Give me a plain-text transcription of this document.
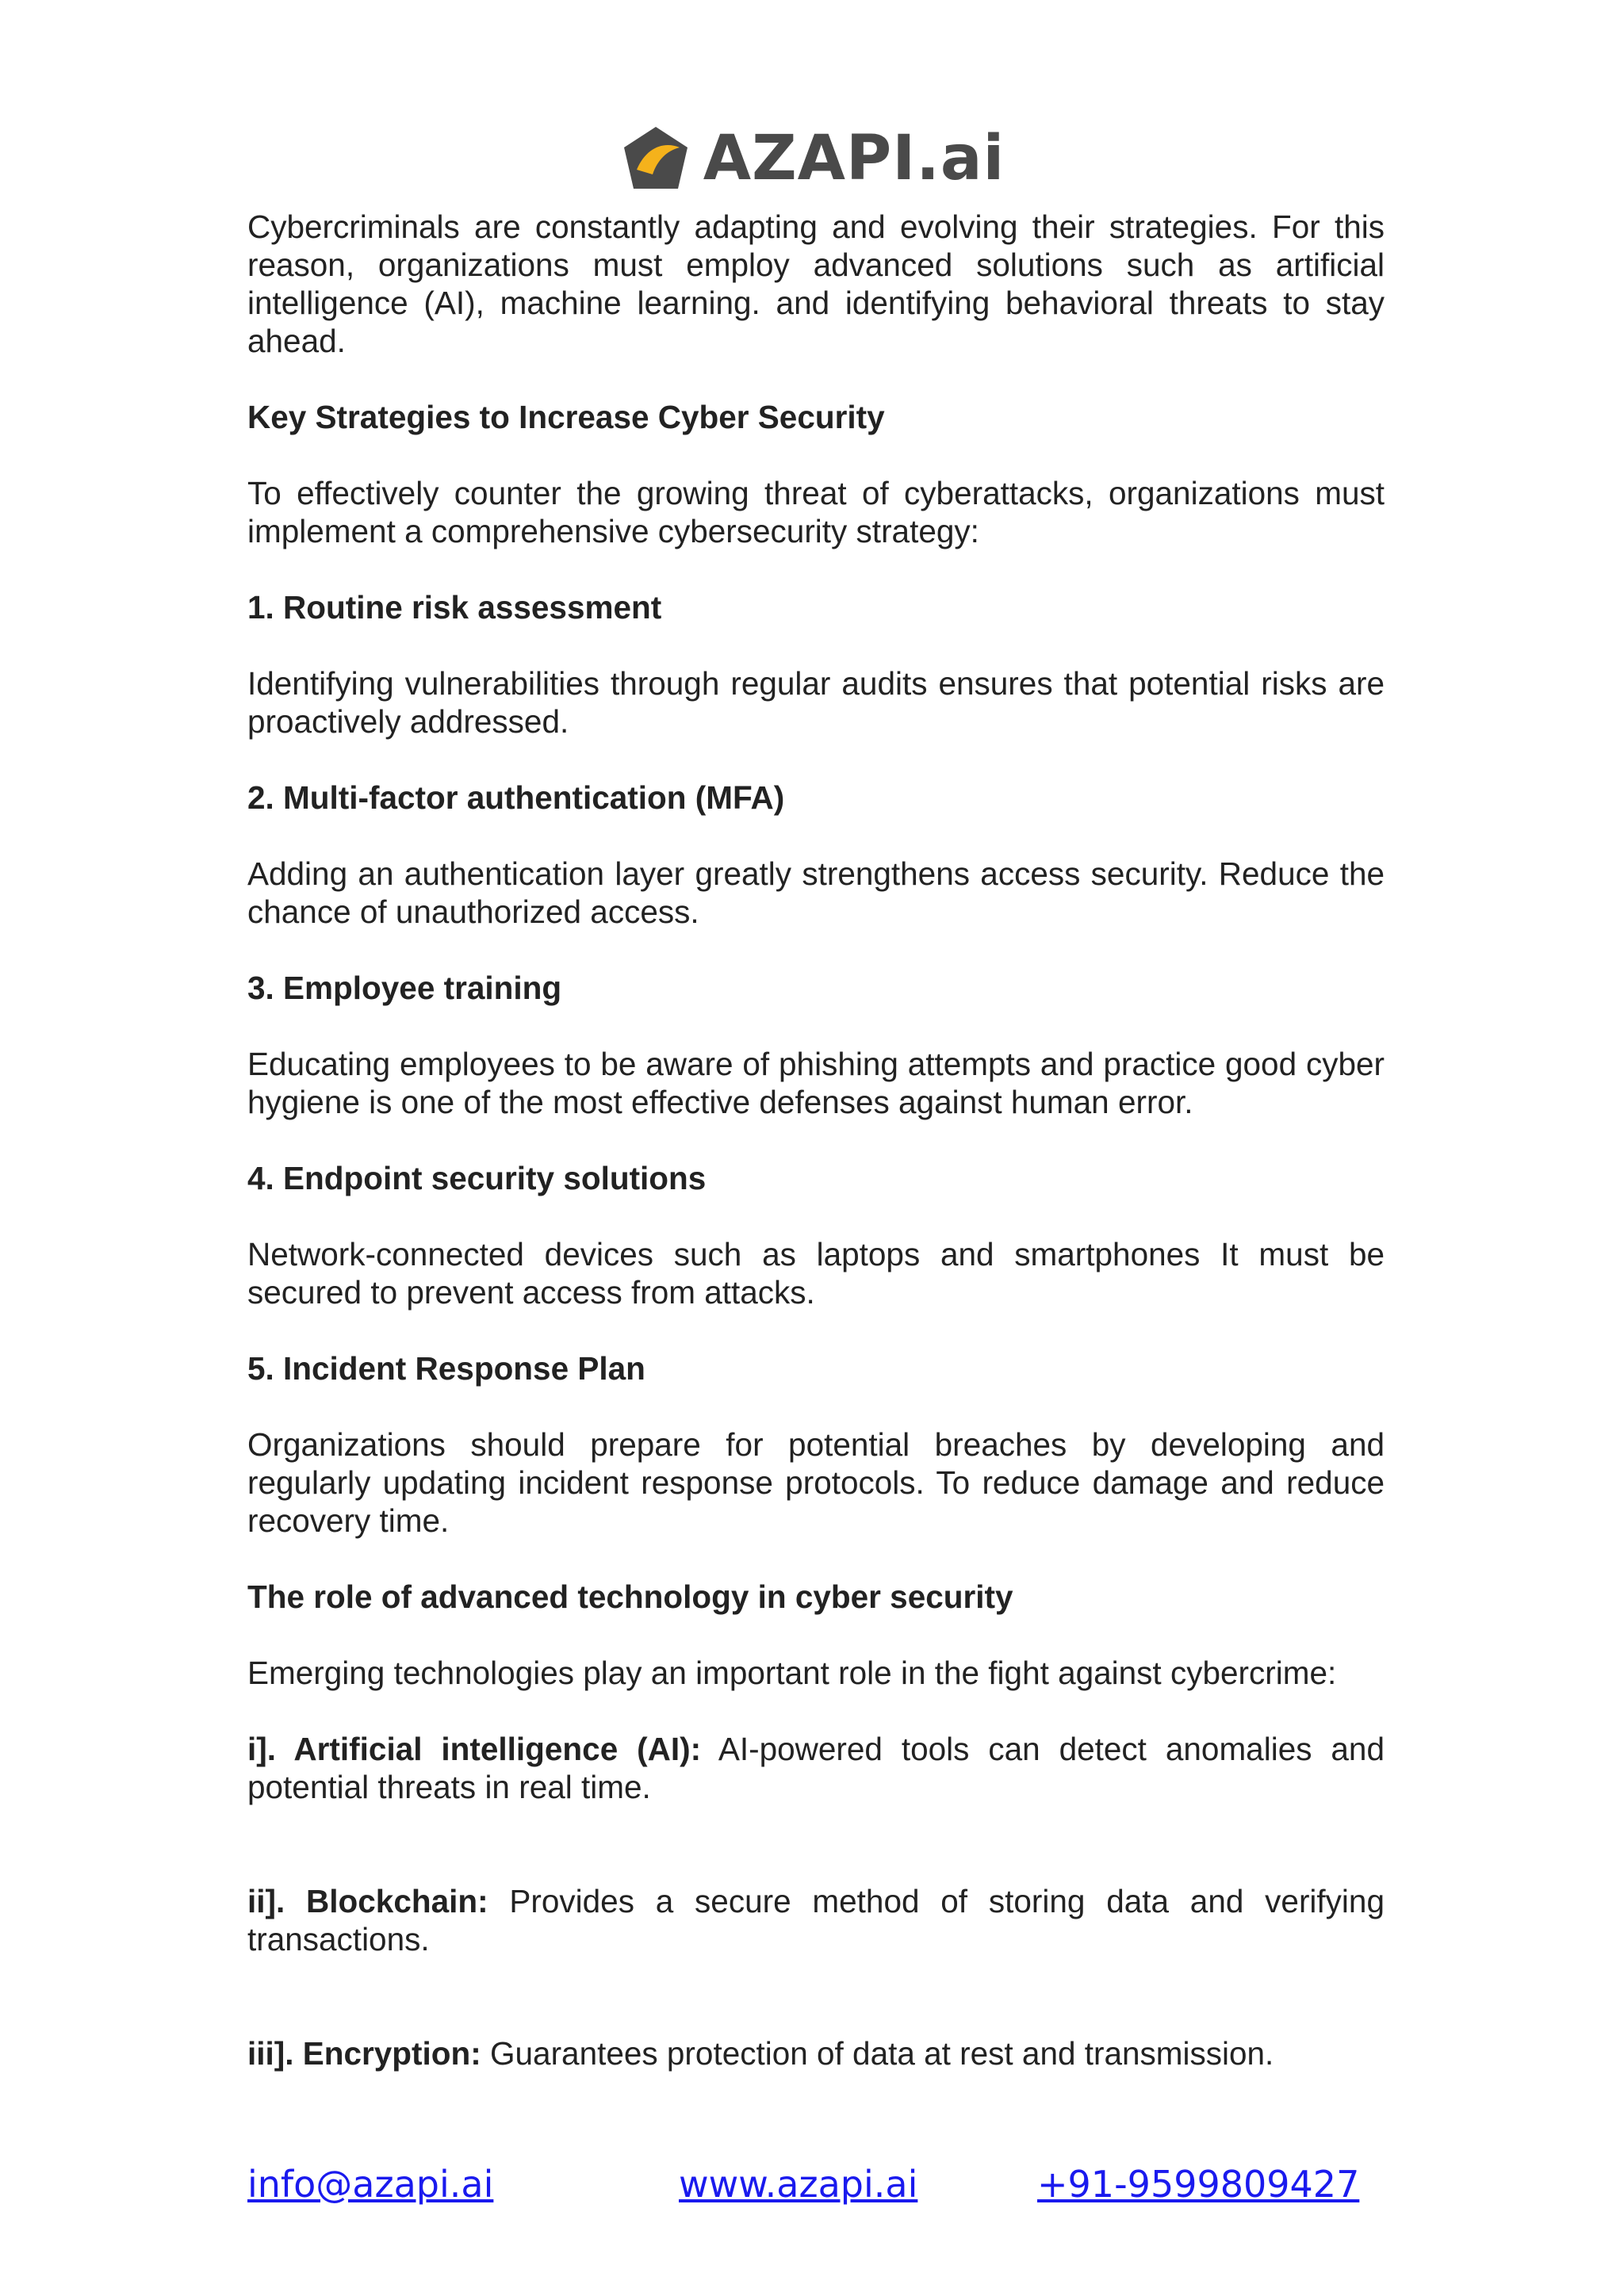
AZAPI.ai

Cybercriminals are constantly adapting and evolving their strategies. For this reason, organizations must employ advanced solutions such as artificial intelligence (AI), machine learning. and identifying behavioral threats to stay ahead.

Key Strategies to Increase Cyber Security

To effectively counter the growing threat of cyberattacks, organizations must implement a comprehensive cybersecurity strategy:

1. Routine risk assessment

Identifying vulnerabilities through regular audits ensures that potential risks are proactively addressed.

2. Multi-factor authentication (MFA)

Adding an authentication layer greatly strengthens access security. Reduce the chance of unauthorized access.

3. Employee training

Educating employees to be aware of phishing attempts and practice good cyber hygiene is one of the most effective defenses against human error.

4. Endpoint security solutions

Network-connected devices such as laptops and smartphones It must be secured to prevent access from attacks.

5. Incident Response Plan

Organizations should prepare for potential breaches by developing and regularly updating incident response protocols. To reduce damage and reduce recovery time.

The role of advanced technology in cyber security

Emerging technologies play an important role in the fight against cybercrime:

i]. Artificial intelligence (AI): AI-powered tools can detect anomalies and potential threats in real time.

ii]. Blockchain: Provides a secure method of storing data and verifying transactions.

iii]. Encryption: Guarantees protection of data at rest and transmission.

info@azapi.ai	www.azapi.ai	+91-9599809427
